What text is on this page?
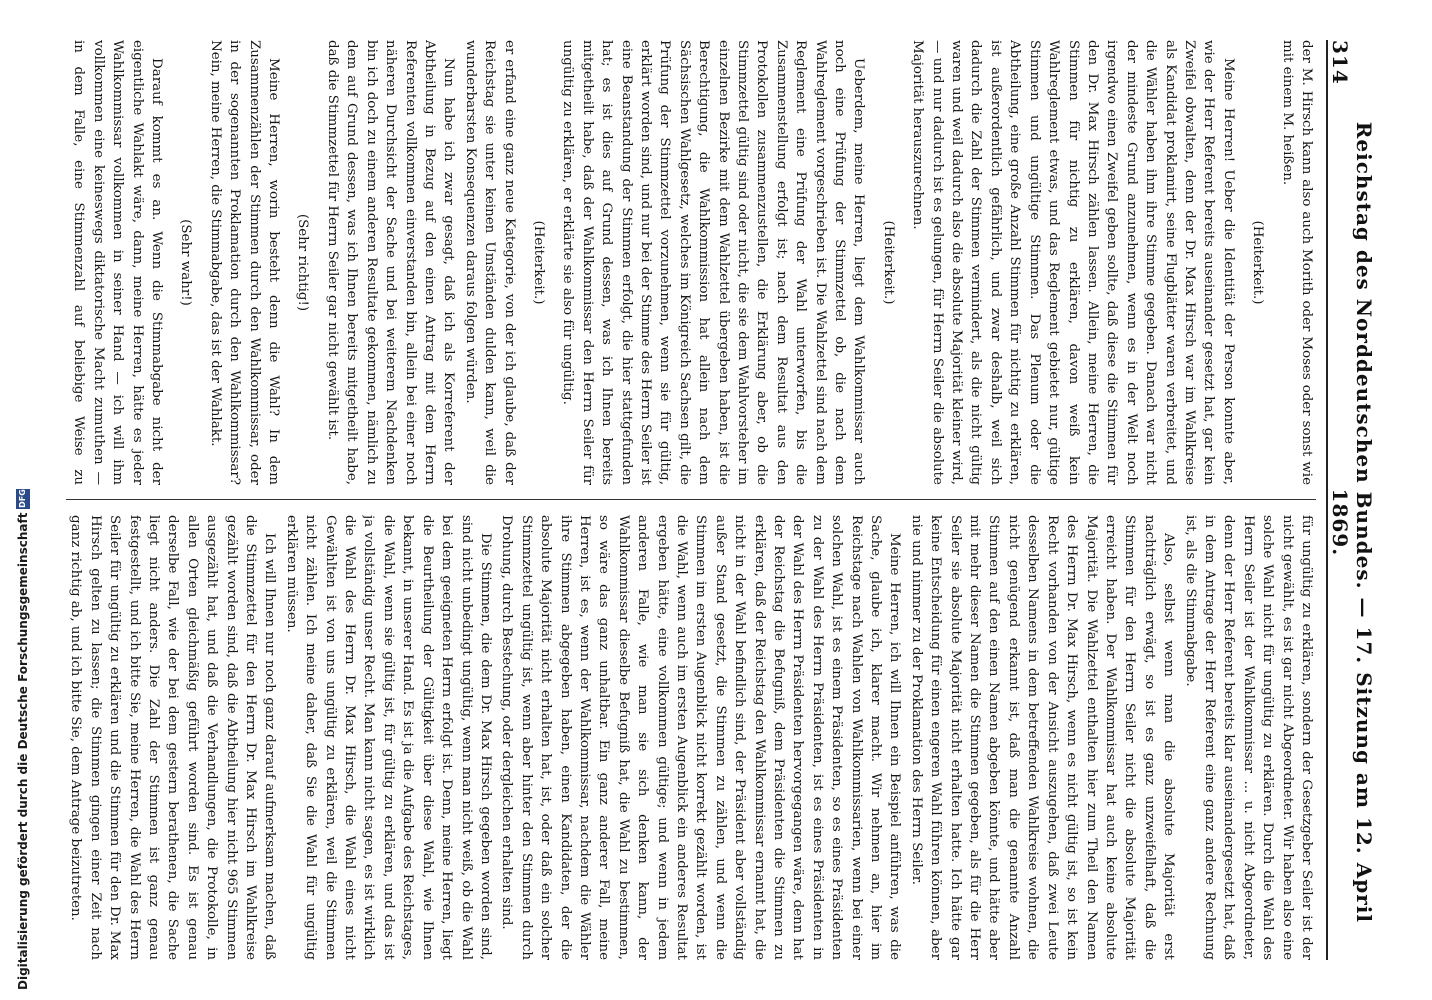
314
Reichstag des Norddeutschen Bundes. — 17. Sitzung am 12. April 1869.

der M. Hirsch kann also auch Morith oder Moses oder sonst wie mit einem M. heißen.

(Heiterkeit.)

Meine Herren! Ueber die Identität der Person konnte aber, wie der Herr Referent bereits auseinander gesetzt hat, gar kein Zweifel obwalten, denn der Dr. Max Hirsch war im Wahlkreise als Kandidat proklamirt, seine Flugblätter waren verbreitet, und die Wähler haben ihm ihre Stimme gegeben. Danach war nicht der mindeste Grund anzunehmen, wenn es in der Welt noch irgendwo einen Zweifel geben sollte, daß diese die Stimmen für den Dr. Max Hirsch zählen lassen. Allein, meine Herren, die Stimmen für nichtig zu erklären, davon weiß kein Wahlreglement etwas, und das Reglement gebietet nur, gültige Stimmen und ungültige Stimmen. Das Plenum oder die Abtheilung, eine große Anzahl Stimmen für nichtig zu erklären, ist außerordentlich gefährlich, und zwar deshalb, weil sich dadurch die Zahl der Stimmen vermindert, als die nicht gültig waren und weil dadurch also die absolute Majorität kleiner wird, — und nur dadurch ist es gelungen, für Herrn Seiler die absolute Majorität herauszurechnen.

(Heiterkeit.)

Ueberdem, meine Herren, liegt dem Wahlkommissar auch noch eine Prüfung der Stimmzettel ob, die nach dem Wahlreglement vorgeschrieben ist. Die Wahlzettel sind nach dem Reglement eine Prüfung der Wahl unterworfen, bis die Zusammenstellung erfolgt ist; nach dem Resultat aus den Protokollen zusammenzustellen, die Erklärung aber, ob die Stimmzettel gültig sind oder nicht, die sie dem Wahlvorsteher im einzelnen Bezirke mit dem Wahlzettel übergeben haben, ist die Berechtigung, die Wahlkommission hat allein nach dem Sächsischen Wahlgesetz, welches im Königreich Sachsen gilt, die Prüfung der Stimmzettel vorzunehmen, wenn sie für gültig, erklärt worden sind, und nur bei der Stimme des Herrn Seiler ist eine Beanstandung der Stimmen erfolgt, die hier stattgefunden hat; es ist dies auf Grund dessen, was ich Ihnen bereits mitgetheilt habe, daß der Wahlkommissar den Herrn Seiler für ungültig zu erklären, er erklärte sie also für ungültig.

(Heiterkeit.)

er erfand eine ganz neue Kategorie, von der ich glaube, daß der Reichstag sie unter keinen Umständen dulden kann, weil die wunderbarsten Konsequenzen daraus folgen würden.

Nun habe ich zwar gesagt, daß ich als Korreferent der Abtheilung in Bezug auf den einen Antrag mit dem Herrn Referenten vollkommen einverstanden bin, allein bei einer noch näheren Durchsicht der Sache und bei weiterem Nachdenken bin ich doch zu einem anderen Resultate gekommen, nämlich zu dem auf Grund dessen, was ich Ihnen bereits mitgetheilt habe, daß die Stimmzettel für Herrn Seiler gar nicht gewählt ist.

(Sehr richtig!)

Meine Herren, worin besteht denn die Wahl? In dem Zusammenzählen der Stimmen durch den Wahlkommissar, oder in der sogenannten Proklamation durch den Wahlkommissar? Nein, meine Herren, die Stimmabgabe, das ist der Wahlakt.

(Sehr wahr!)

Darauf kommt es an. Wenn die Stimmabgabe nicht der eigentliche Wahlakt wäre, dann, meine Herren, hätte es jeder Wahlkommissar vollkommen in seiner Hand — ich will ihm vollkommen eine keineswegs diktatorische Macht zumuthen — in dem Falle, eine Stimmenzahl auf beliebige Weise zu

für ungültig zu erklären, sondern der Gesetzgeber Seiler ist der nicht gewählt, es ist gar nicht Abgeordneter. Wir haben also eine solche Wahl nicht für ungültig zu erklären. Durch die Wahl des Herrn Seiler ist der Wahlkommissar ... u. nicht Abgeordneter, denn der Herr Referent bereits klar auseinandergesetzt hat, daß in dem Antrage der Herr Referent eine ganz andere Rechnung ist, als die Stimmabgabe.

Also, selbst wenn man die absolute Majorität erst nachträglich erwägt, so ist es ganz unzweifelhaft, daß die Stimmen für den Herrn Seiler nicht die absolute Majorität erreicht haben. Der Wahlkommissar hat auch keine absolute Majorität. Die Wahlzettel enthalten hier zum Theil den Namen des Herrn Dr. Max Hirsch, wenn es nicht gültig ist, so ist kein Recht vorhanden von der Ansicht auszugehen, daß zwei Leute desselben Namens in dem betreffenden Wahlkreise wohnen, die nicht genügend erkannt ist, daß man die genannte Anzahl Stimmen auf den einen Namen abgeben könnte, und hätte aber mit mehr dieser Namen die Stimmen gegeben, als für die Herr Seiler sie absolute Majorität nicht erhalten hatte. Ich hätte gar keine Entscheidung für einen engeren Wahl führen können, aber nie und nimmer zu der Proklamation des Herrn Seiler.

Meine Herren, ich will Ihnen ein Beispiel anführen, was die Sache, glaube ich, klarer macht. Wir nehmen an, hier im Reichstage nach Wahlen von Wahlkommissarien, wenn bei einer solchen Wahl, ist es einem Präsidenten, so es eines Präsidenten zu der Wahl des Herrn Präsidenten, ist es eines Präsidenten in der Wahl des Herrn Präsidenten hervorgegangen wäre, denn hat der Reichstag die Befugniß, dem Präsidenten die Stimmen zu erklären, daß der Reichstag den Wahlkommissar ernannt hat, die nicht in der Wahl befindlich sind, der Präsident aber vollständig außer Stand gesetzt, die Stimmen zu zählen, und wenn die Stimmen im ersten Augenblick nicht korrekt gezählt worden, ist die Wahl, wenn auch im ersten Augenblick ein anderes Resultat ergeben hätte, eine vollkommen gültige; und wenn in jedem anderen Falle, wie man sie sich denken kann, der Wahlkommissar dieselbe Befugniß hat, die Wahl zu bestimmen, so wäre das ganz unhaltbar. Ein ganz anderer Fall, meine Herren, ist es, wenn der Wahlkommissar, nachdem die Wähler ihre Stimmen abgegeben haben, einen Kandidaten, der die absolute Majorität nicht erhalten hat, ist, oder daß ein solcher Stimmzettel ungültig ist, wenn aber hinter den Stimmen durch Drohung, durch Bestechung, oder dergleichen erhalten sind.

Die Stimmen, die dem Dr. Max Hirsch gegeben worden sind, sind nicht unbedingt ungültig, wenn man nicht weiß, ob die Wahl bei dem geeigneten Herrn erfolgt ist. Denn, meine Herren, liegt die Beurtheilung der Gültigkeit über diese Wahl, wie Ihnen bekannt, in unserer Hand. Es ist ja die Aufgabe des Reichstages, die Wahl, wenn sie gültig ist, für gültig zu erklären, und das ist ja vollständig unser Recht. Man kann nicht sagen, es ist wirklich die Wahl des Herrn Dr. Max Hirsch, die Wahl eines nicht Gewählten ist von uns ungültig zu erklären, weil die Stimmen nicht zählen. Ich meine daher, daß Sie die Wahl für ungültig erklären müssen.

Ich will Ihnen nur noch ganz darauf aufmerksam machen, daß die Stimmzettel für den Herrn Dr. Max Hirsch im Wahlkreise gezählt worden sind, daß die Abtheilung hier nicht 965 Stimmen ausgezählt hat, und daß die Verhandlungen, die Protokolle, in allen Orten gleichmäßig geführt worden sind. Es ist genau derselbe Fall, wie der bei dem gestern berathenen, die Sache liegt nicht anders. Die Zahl der Stimmen ist ganz genau festgestellt, und ich bitte Sie, meine Herren, die Wahl des Herrn Seiler für ungültig zu erklären und die Stimmen für den Dr. Max Hirsch gelten zu lassen; die Stimmen gingen einer Zeit nach ganz richtig ab, und ich bitte Sie, dem Antrage beizutreten.

Digitalisierung gefördert durch die Deutsche Forschungsgemeinschaft
DFG
